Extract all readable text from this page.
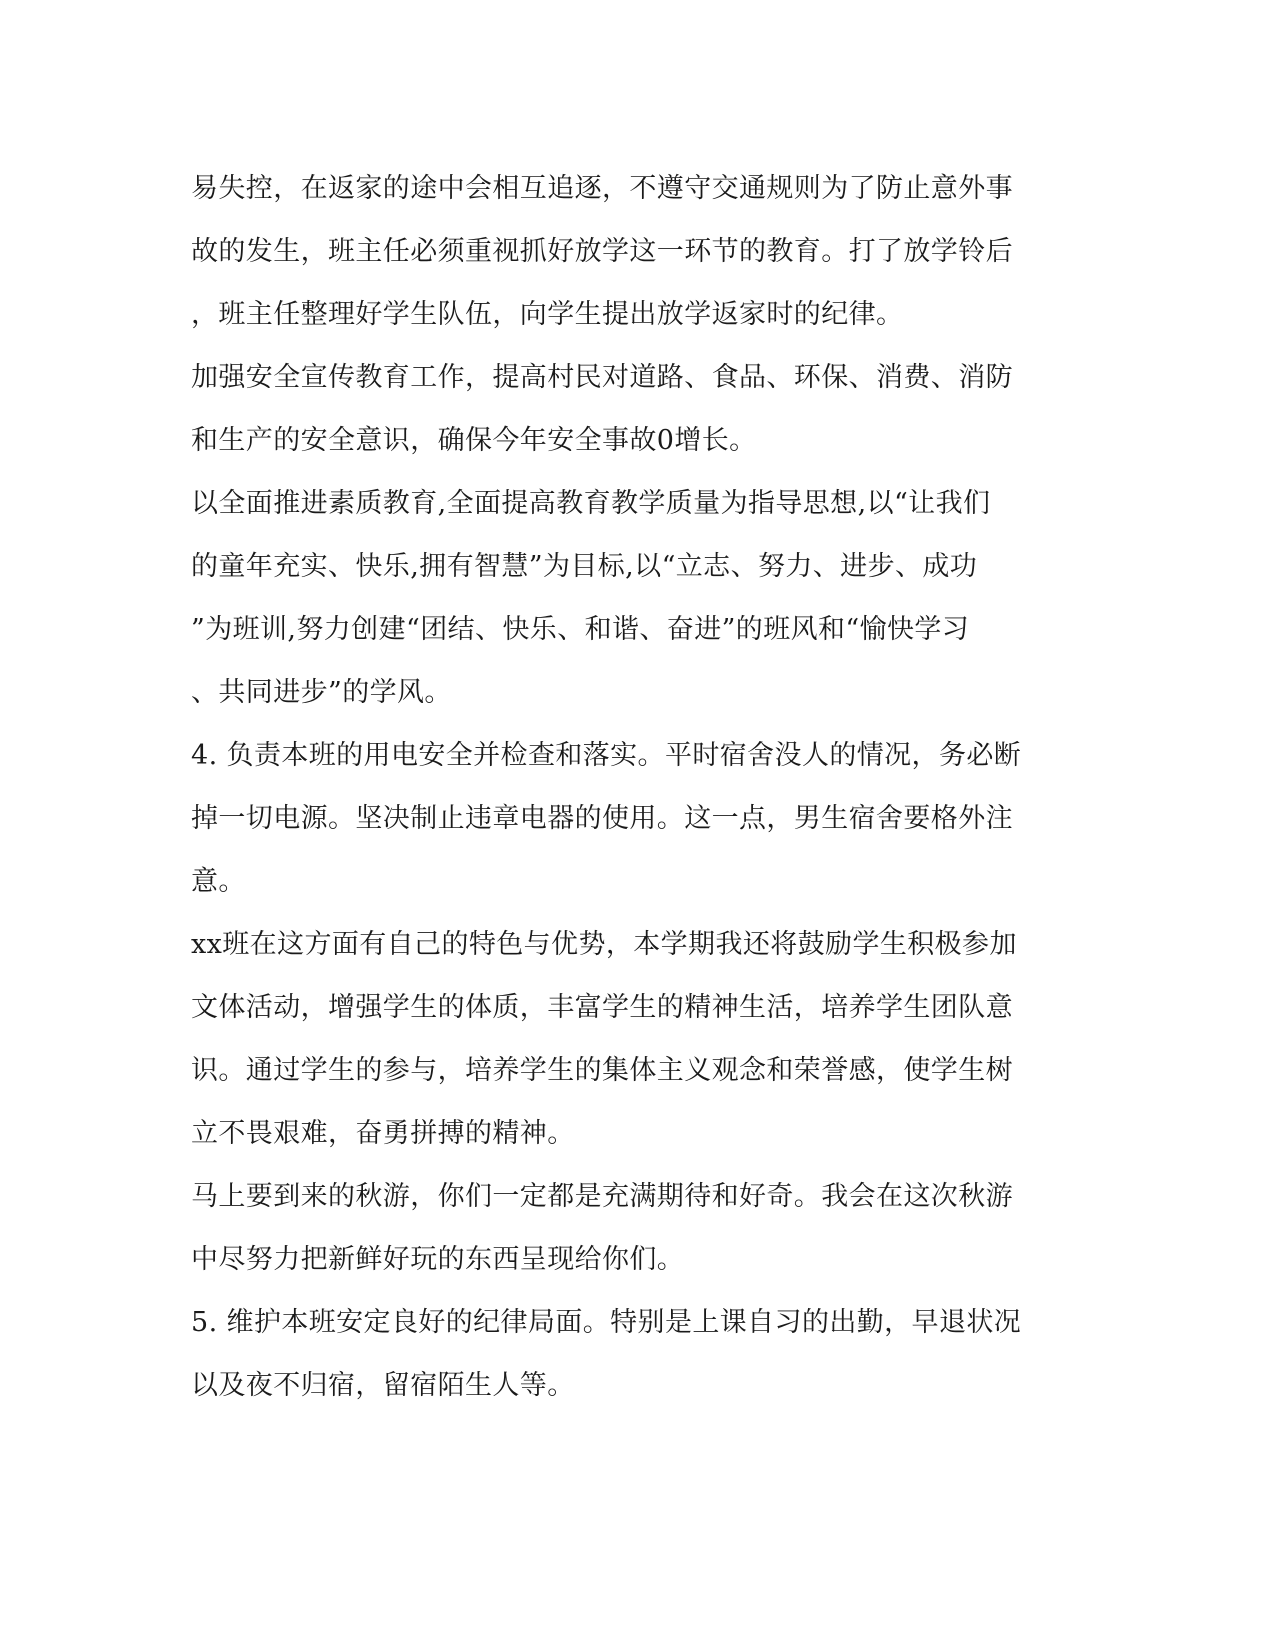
易失控，在返家的途中会相互追逐，不遵守交通规则为了防止意外事
故的发生，班主任必须重视抓好放学这一环节的教育。打了放学铃后
，班主任整理好学生队伍，向学生提出放学返家时的纪律。
加强安全宣传教育工作，提高村民对道路、食品、环保、消费、消防
和生产的安全意识，确保今年安全事故0增长。
以全面推进素质教育,全面提高教育教学质量为指导思想,以“让我们
的童年充实、快乐,拥有智慧”为目标,以“立志、努力、进步、成功
”为班训,努力创建“团结、快乐、和谐、奋进”的班风和“愉快学习
、共同进步”的学风。
4. 负责本班的用电安全并检查和落实。平时宿舍没人的情况，务必断
掉一切电源。坚决制止违章电器的使用。这一点，男生宿舍要格外注
意。
xx班在这方面有自己的特色与优势，本学期我还将鼓励学生积极参加
文体活动，增强学生的体质，丰富学生的精神生活，培养学生团队意
识。通过学生的参与，培养学生的集体主义观念和荣誉感，使学生树
立不畏艰难，奋勇拼搏的精神。
马上要到来的秋游，你们一定都是充满期待和好奇。我会在这次秋游
中尽努力把新鲜好玩的东西呈现给你们。
5. 维护本班安定良好的纪律局面。特别是上课自习的出勤，早退状况
以及夜不归宿，留宿陌生人等。
